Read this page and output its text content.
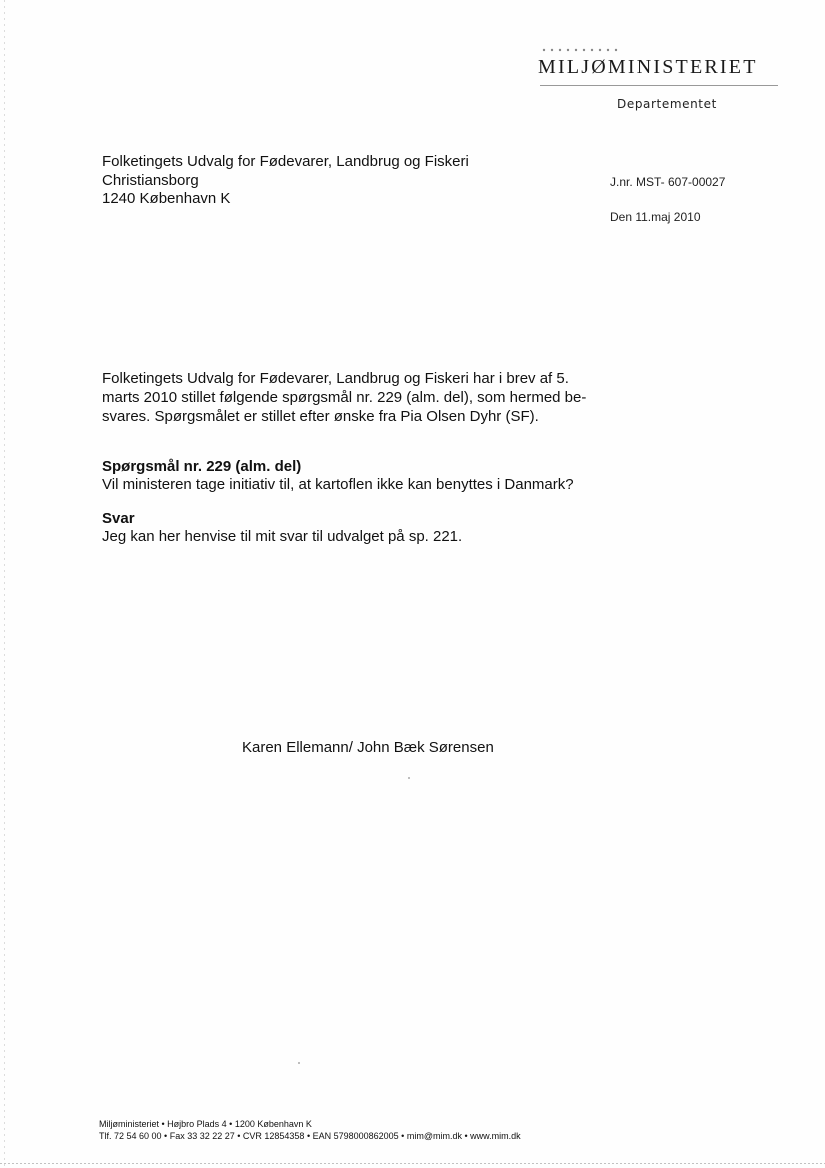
MILJØMINISTERIET
Departementet
Folketingets Udvalg for Fødevarer, Landbrug og Fiskeri
Christiansborg
1240 København K
J.nr. MST- 607-00027
Den 11.maj 2010
Folketingets Udvalg for Fødevarer, Landbrug og Fiskeri har i brev af 5.
marts 2010 stillet følgende spørgsmål nr. 229 (alm. del), som hermed be-
svares. Spørgsmålet er stillet efter ønske fra Pia Olsen Dyhr (SF).
Spørgsmål nr. 229 (alm. del)
Vil ministeren tage initiativ til, at kartoflen ikke kan benyttes i Danmark?
Svar
Jeg kan her henvise til mit svar til udvalget på sp. 221.
Karen Ellemann/ John Bæk Sørensen
Miljøministeriet • Højbro Plads 4 • 1200 København K
Tlf. 72 54 60 00 • Fax 33 32 22 27 • CVR 12854358 • EAN 5798000862005 • mim@mim.dk • www.mim.dk
